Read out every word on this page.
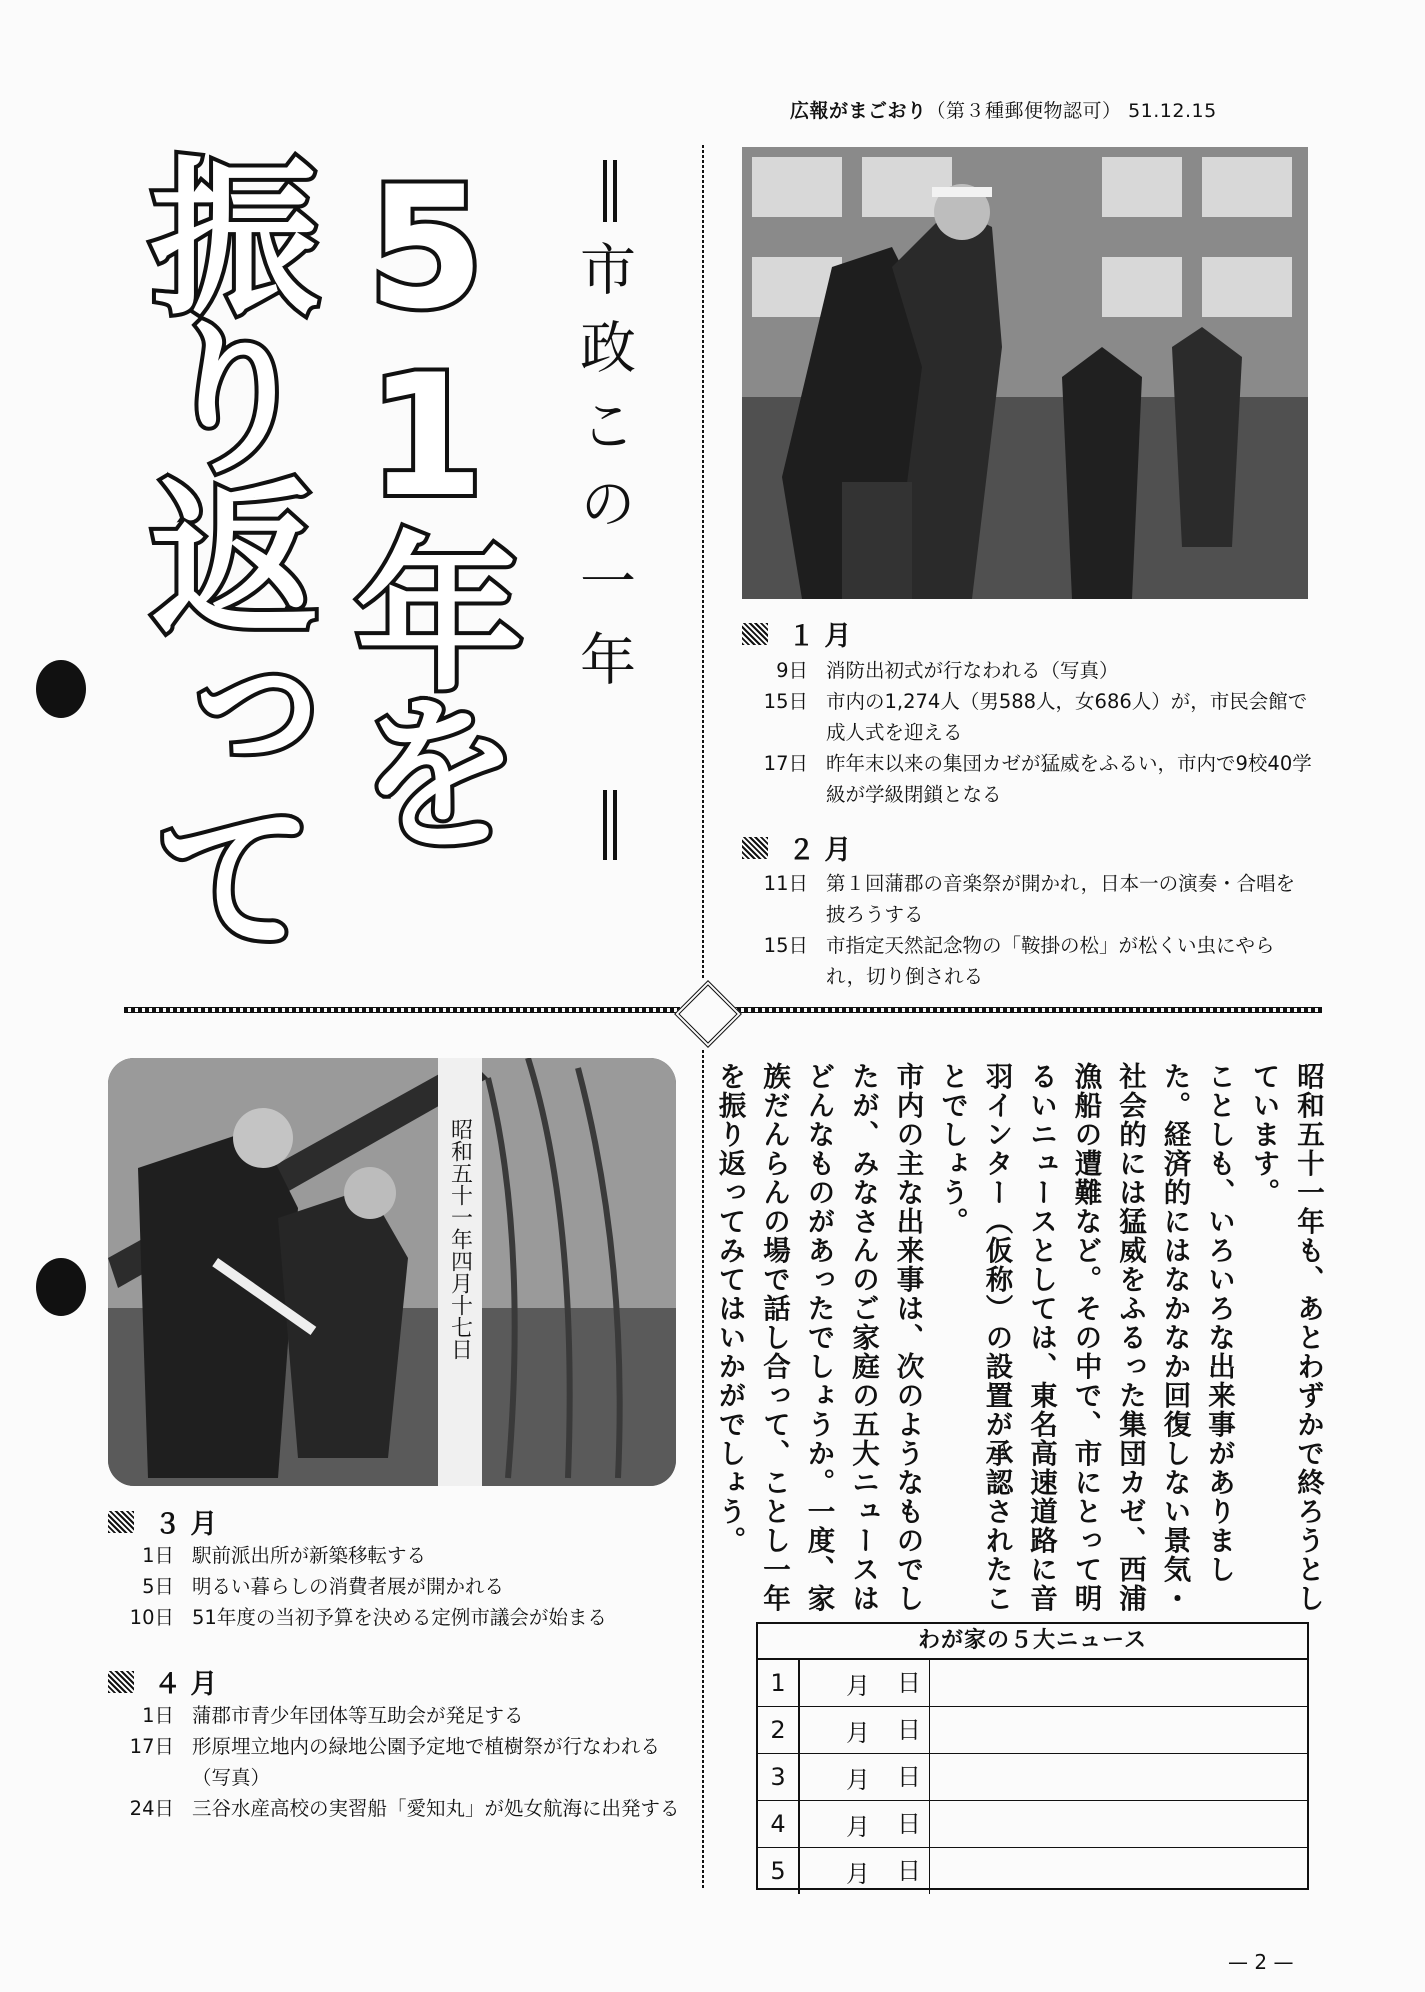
広報がまごおり（第３種郵便物認可） 51.12.15
51年を
振り返って	市政この一年	１ 月
9日 消防出初式が行なわれる（写真）
15日 市内の1,274人（男588人，女686人）が，市民会館で成人式を迎える
17日 昨年末以来の集団カゼが猛威をふるい，市内で9校40学級が学級閉鎖となる
２ 月
11日 第１回蒲郡の音楽祭が開かれ，日本一の演奏・合唱を披ろうする
15日 市指定天然記念物の「鞍掛の松」が松くい虫にやられ，切り倒される
昭和五十一年四月十七日
３ 月
1日 駅前派出所が新築移転する
5日 明るい暮らしの消費者展が開かれる
10日 51年度の当初予算を決める定例市議会が始まる
４ 月
1日 蒲郡市青少年団体等互助会が発足する
17日 形原埋立地内の緑地公園予定地で植樹祭が行なわれる（写真）
24日 三谷水産高校の実習船「愛知丸」が処女航海に出発する

昭和五十一年も、あとわずかで終ろうとしています。

ことしも、いろいろな出来事がありました。経済的にはなかなか回復しない景気・社会的には猛威をふるった集団カゼ、西浦漁船の遭難など。その中で、市にとって明るいニュースとしては、東名高速道路に音羽インター（仮称）の設置が承認されたことでしょう。

市内の主な出来事は、次のようなものでしたが、みなさんのご家庭の五大ニュースはどんなものがあったでしょうか。一度、家族だんらんの場で話し合って、ことし一年を振り返ってみてはいかがでしょう。

わが家の５大ニュース
1	月	日
2	月	日
3	月	日
4	月	日
5	月	日
— 2 —
